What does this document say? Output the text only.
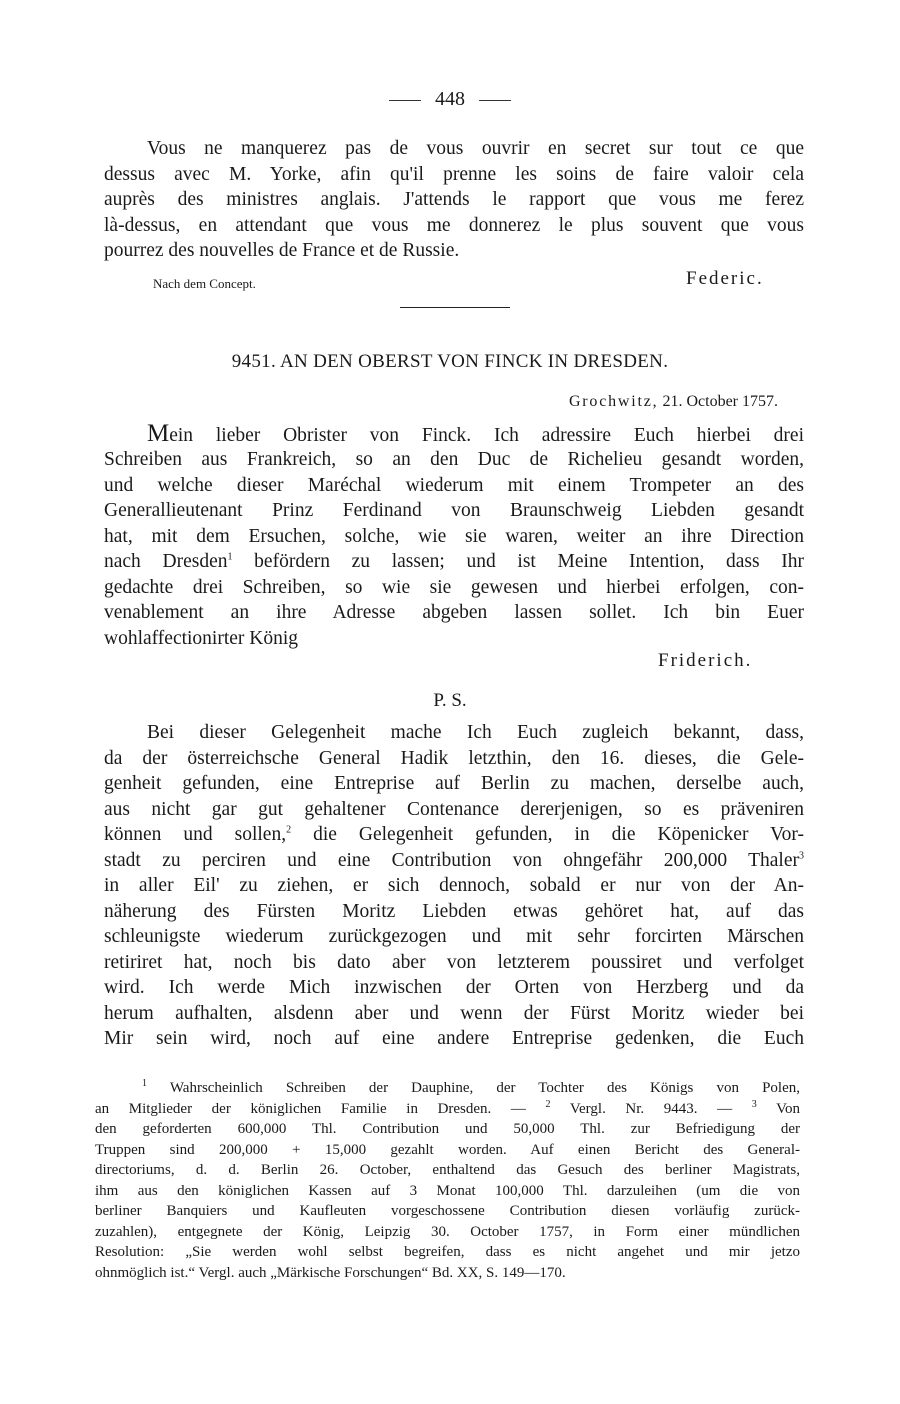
448
Vous ne manquerez pas de vous ouvrir en secret sur tout ce que
dessus avec M. Yorke, afin qu'il prenne les soins de faire valoir cela
auprès des ministres anglais. J'attends le rapport que vous me ferez
là-dessus, en attendant que vous me donnerez le plus souvent que vous
pourrez des nouvelles de France et de Russie.
Nach dem Concept.	Federic.
9451. AN DEN OBERST VON FINCK IN DRESDEN.
Grochwitz, 21. October 1757.
Mein lieber Obrister von Finck. Ich adressire Euch hierbei drei
Schreiben aus Frankreich, so an den Duc de Richelieu gesandt worden,
und welche dieser Maréchal wiederum mit einem Trompeter an des
Generallieutenant Prinz Ferdinand von Braunschweig Liebden gesandt
hat, mit dem Ersuchen, solche, wie sie waren, weiter an ihre Direction
nach Dresden$^1$ befördern zu lassen; und ist Meine Intention, dass Ihr
gedachte drei Schreiben, so wie sie gewesen und hierbei erfolgen, con-
venablement an ihre Adresse abgeben lassen sollet. Ich bin Euer
wohlaffectionirter König
Friderich.
P. S.
Bei dieser Gelegenheit mache Ich Euch zugleich bekannt, dass,
da der österreichsche General Hadik letzthin, den 16. dieses, die Gele-
genheit gefunden, eine Entreprise auf Berlin zu machen, derselbe auch,
aus nicht gar gut gehaltener Contenance dererjenigen, so es präveniren
können und sollen,$^2$ die Gelegenheit gefunden, in die Köpenicker Vor-
stadt zu perciren und eine Contribution von ohngefähr 200,000 Thaler$^3$
in aller Eil' zu ziehen, er sich dennoch, sobald er nur von der An-
näherung des Fürsten Moritz Liebden etwas gehöret hat, auf das
schleunigste wiederum zurückgezogen und mit sehr forcirten Märschen
retiriret hat, noch bis dato aber von letzterem poussiret und verfolget
wird. Ich werde Mich inzwischen der Orten von Herzberg und da
herum aufhalten, alsdenn aber und wenn der Fürst Moritz wieder bei
Mir sein wird, noch auf eine andere Entreprise gedenken, die Euch
$^1$ Wahrscheinlich Schreiben der Dauphine, der Tochter des Königs von Polen,
an Mitglieder der königlichen Familie in Dresden. — $^2$ Vergl. Nr. 9443. — $^3$ Von
den geforderten 600,000 Thl. Contribution und 50,000 Thl. zur Befriedigung der
Truppen sind 200,000 + 15,000 gezahlt worden. Auf einen Bericht des General-
directoriums, d. d. Berlin 26. October, enthaltend das Gesuch des berliner Magistrats,
ihm aus den königlichen Kassen auf 3 Monat 100,000 Thl. darzuleihen (um die von
berliner Banquiers und Kaufleuten vorgeschossene Contribution diesen vorläufig zurück-
zuzahlen), entgegnete der König, Leipzig 30. October 1757, in Form einer mündlichen
Resolution: „Sie werden wohl selbst begreifen, dass es nicht angehet und mir jetzo
ohnmöglich ist.“ Vergl. auch „Märkische Forschungen“ Bd. XX, S. 149—170.
